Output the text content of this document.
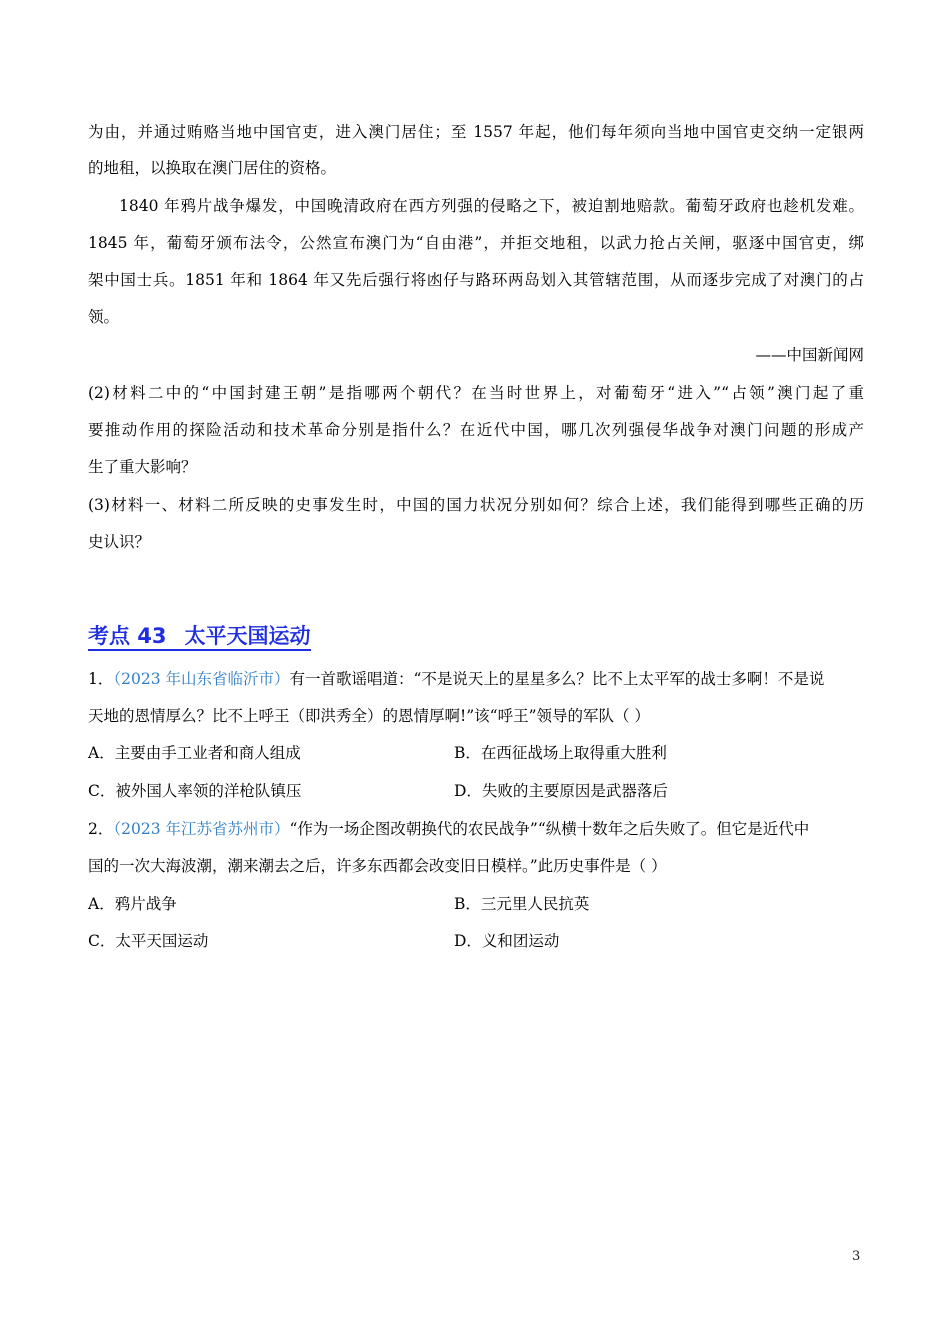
为由，并通过贿赂当地中国官吏，进入澳门居住；至 1557 年起，他们每年须向当地中国官吏交纳一定银两
的地租，以换取在澳门居住的资格。
1840 年鸦片战争爆发，中国晚清政府在西方列强的侵略之下，被迫割地赔款。葡萄牙政府也趁机发难。
1845 年，葡萄牙颁布法令，公然宣布澳门为“自由港”，并拒交地租，以武力抢占关闸，驱逐中国官吏，绑
架中国士兵。1851 年和 1864 年又先后强行将凼仔与路环两岛划入其管辖范围，从而逐步完成了对澳门的占
领。
——中国新闻网
(2)材料二中的“中国封建王朝”是指哪两个朝代？在当时世界上，对葡萄牙“进入”“占领”澳门起了重
要推动作用的探险活动和技术革命分别是指什么？在近代中国，哪几次列强侵华战争对澳门问题的形成产
生了重大影响？
(3)材料一、材料二所反映的史事发生时，中国的国力状况分别如何？综合上述，我们能得到哪些正确的历
史认识？
考点 43 太平天国运动
1．（2023 年山东省临沂市）有一首歌谣唱道：“不是说天上的星星多么？比不上太平军的战士多啊！不是说
天地的恩情厚么？比不上呼王（即洪秀全）的恩情厚啊!”该“呼王”领导的军队（ ）
A．主要由手工业者和商人组成	B．在西征战场上取得重大胜利
C．被外国人率领的洋枪队镇压	D．失败的主要原因是武器落后
2．（2023 年江苏省苏州市）“作为一场企图改朝换代的农民战争”“纵横十数年之后失败了。但它是近代中
国的一次大海波潮，潮来潮去之后，许多东西都会改变旧日模样。”此历史事件是（ ）
A．鸦片战争	B．三元里人民抗英
C．太平天国运动	D．义和团运动
3
